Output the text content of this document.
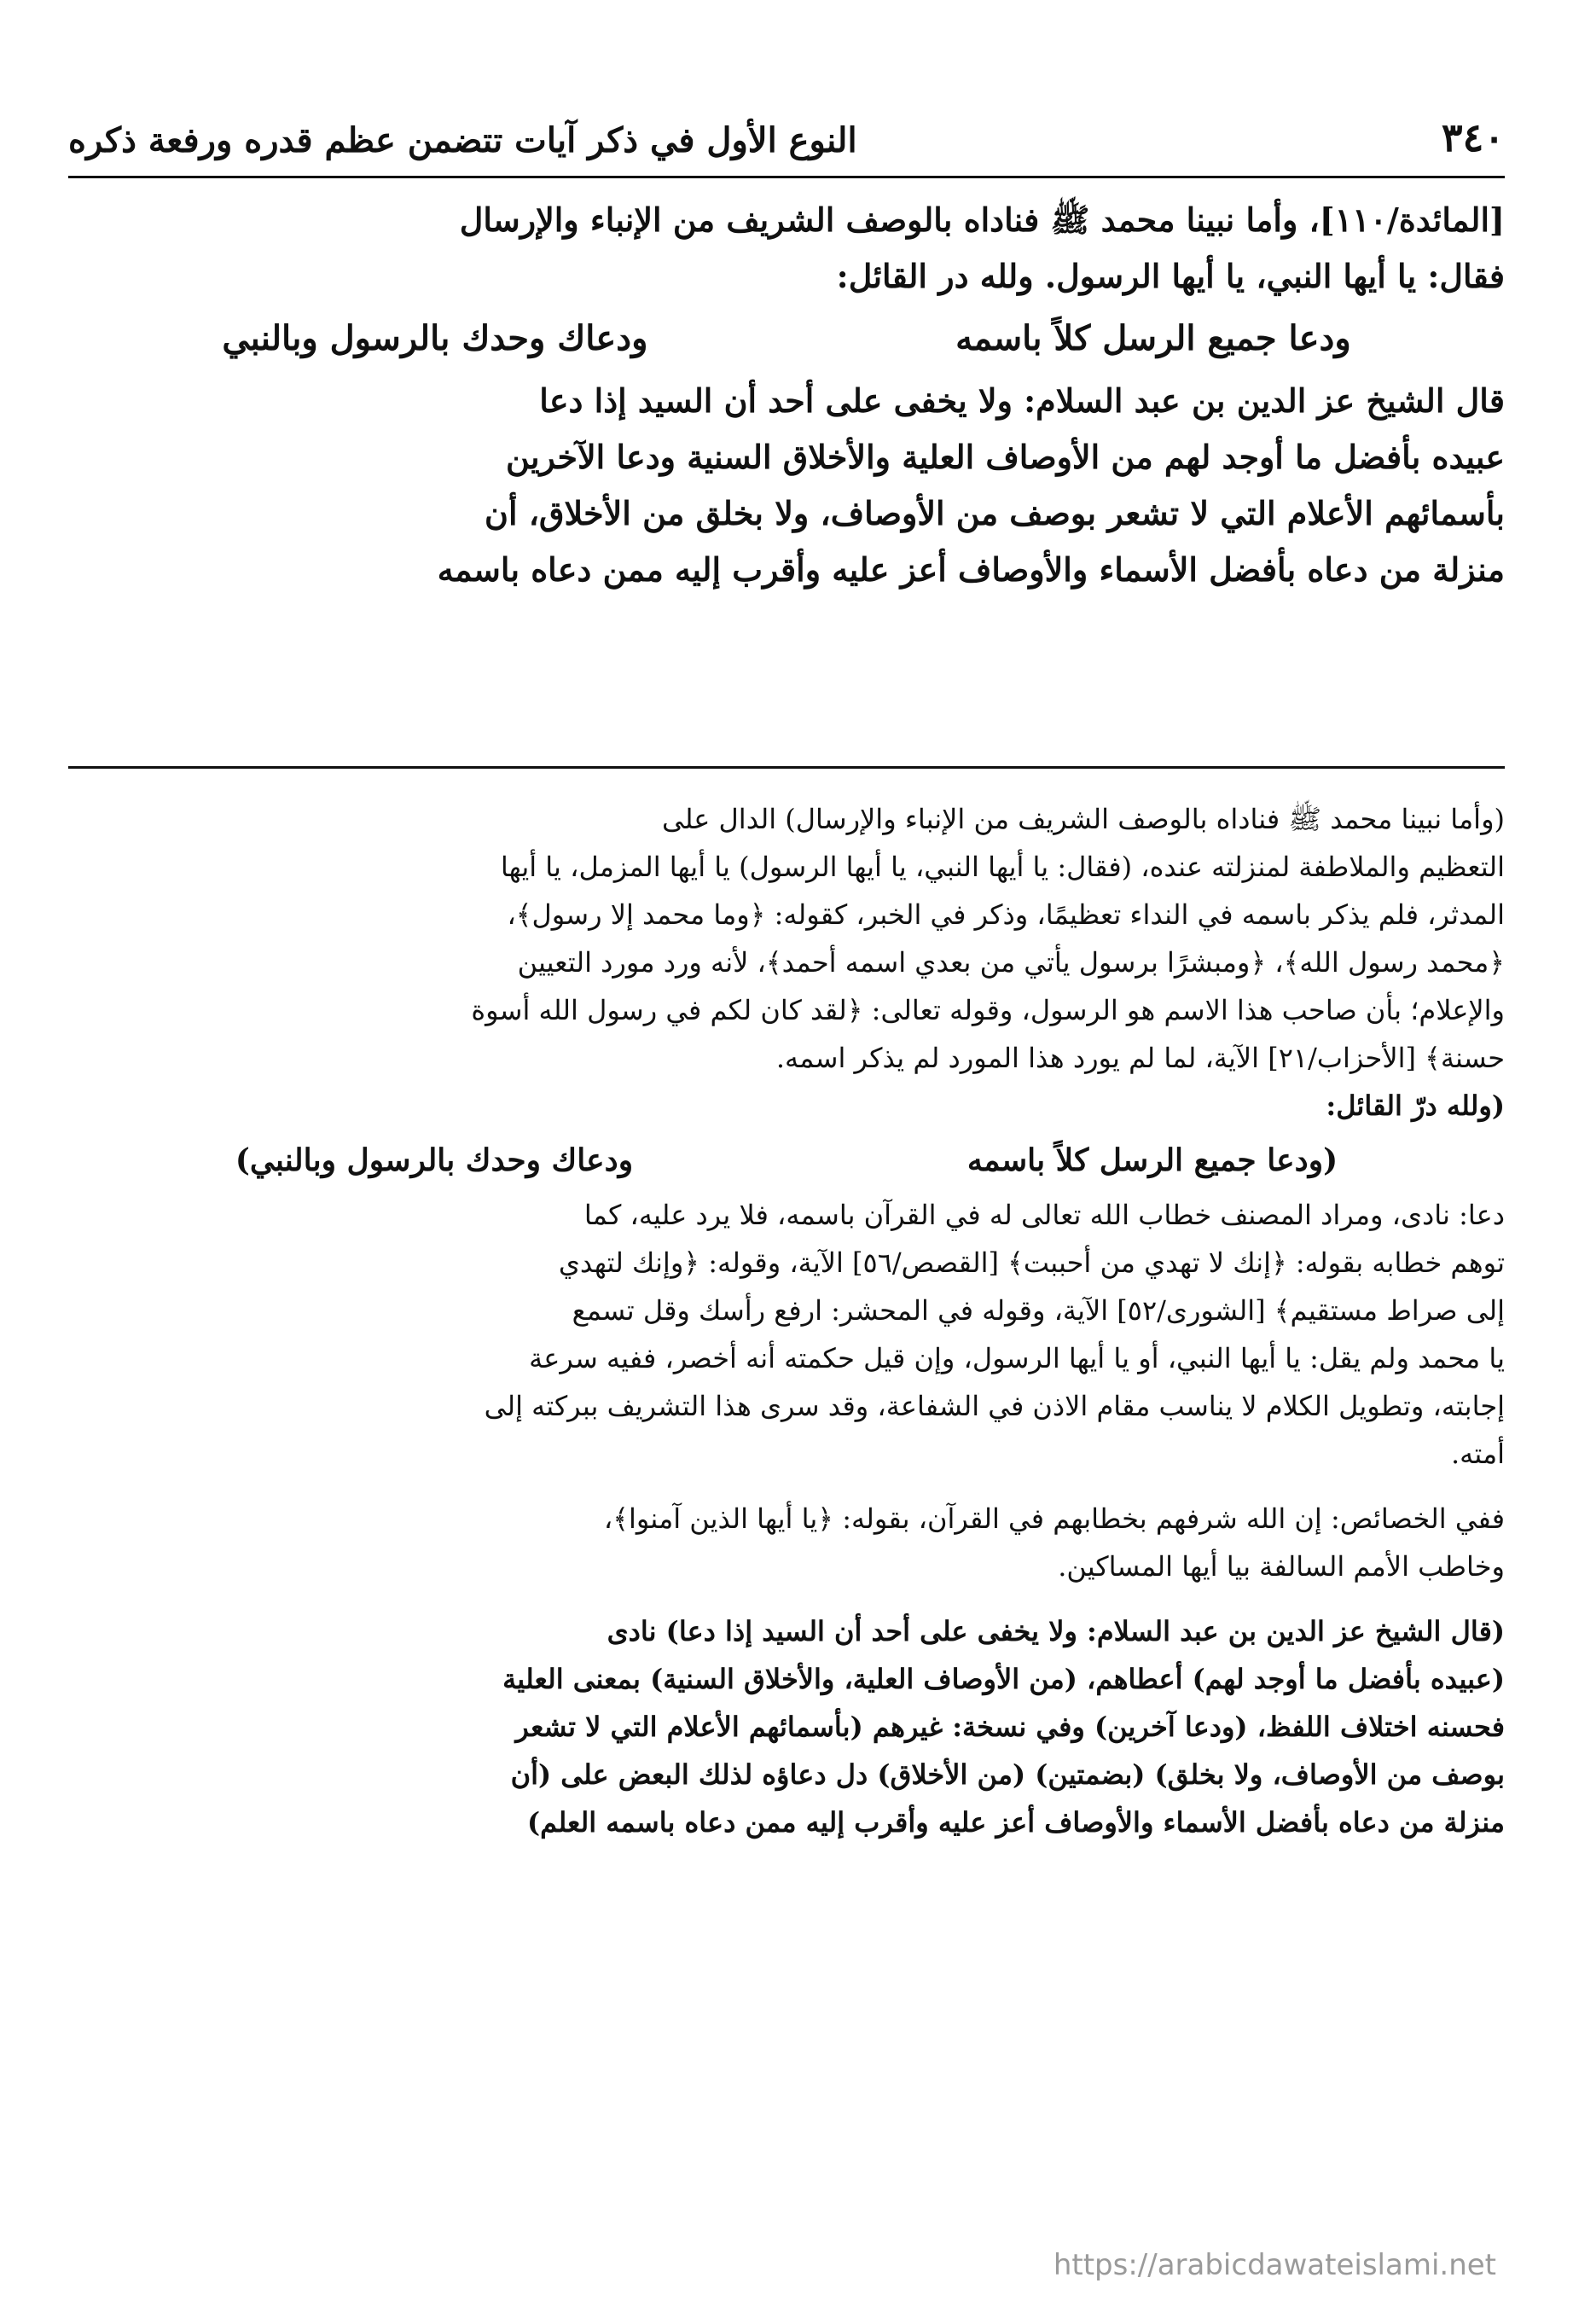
٣٤٠
النوع الأول في ذكر آيات تتضمن عظم قدره ورفعة ذكره

[المائدة/١١٠]، وأما نبينا محمد ﷺ فناداه بالوصف الشريف من الإنباء والإرسال

فقال: يا أيها النبي، يا أيها الرسول. ولله در القائل:

ودعا جميع الرسل كلاً باسمه
ودعاك وحدك بالرسول وبالنبي

قال الشيخ عز الدين بن عبد السلام: ولا يخفى على أحد أن السيد إذا دعا

عبيده بأفضل ما أوجد لهم من الأوصاف العلية والأخلاق السنية ودعا الآخرين

بأسمائهم الأعلام التي لا تشعر بوصف من الأوصاف، ولا بخلق من الأخلاق، أن

منزلة من دعاه بأفضل الأسماء والأوصاف أعز عليه وأقرب إليه ممن دعاه باسمه

(وأما نبينا محمد ﷺ فناداه بالوصف الشريف من الإنباء والإرسال) الدال على

التعظيم والملاطفة لمنزلته عنده، (فقال: يا أيها النبي، يا أيها الرسول) يا أيها المزمل، يا أيها

المدثر، فلم يذكر باسمه في النداء تعظيمًا، وذكر في الخبر، كقوله: ﴿وما محمد إلا رسول﴾،

﴿محمد رسول الله﴾، ﴿ومبشرًا برسول يأتي من بعدي اسمه أحمد﴾، لأنه ورد مورد التعيين

والإعلام؛ بأن صاحب هذا الاسم هو الرسول، وقوله تعالى: ﴿لقد كان لكم في رسول الله أسوة

حسنة﴾ [الأحزاب/٢١] الآية، لما لم يورد هذا المورد لم يذكر اسمه.

(ولله درّ القائل:

(ودعا جميع الرسل كلاً باسمه
ودعاك وحدك بالرسول وبالنبي)

دعا: نادى، ومراد المصنف خطاب الله تعالى له في القرآن باسمه، فلا يرد عليه، كما

توهم خطابه بقوله: ﴿إنك لا تهدي من أحببت﴾ [القصص/٥٦] الآية، وقوله: ﴿وإنك لتهدي

إلى صراط مستقيم﴾ [الشورى/٥٢] الآية، وقوله في المحشر: ارفع رأسك وقل تسمع

يا محمد ولم يقل: يا أيها النبي، أو يا أيها الرسول، وإن قيل حكمته أنه أخصر، ففيه سرعة

إجابته، وتطويل الكلام لا يناسب مقام الاذن في الشفاعة، وقد سرى هذا التشريف ببركته إلى

أمته.

ففي الخصائص: إن الله شرفهم بخطابهم في القرآن، بقوله: ﴿يا أيها الذين آمنوا﴾،

وخاطب الأمم السالفة بيا أيها المساكين.

(قال الشيخ عز الدين بن عبد السلام: ولا يخفى على أحد أن السيد إذا دعا) نادى

(عبيده بأفضل ما أوجد لهم) أعطاهم، (من الأوصاف العلية، والأخلاق السنية) بمعنى العلية

فحسنه اختلاف اللفظ، (ودعا آخرين) وفي نسخة: غيرهم (بأسمائهم الأعلام التي لا تشعر

بوصف من الأوصاف، ولا بخلق) (بضمتين) (من الأخلاق) دل دعاؤه لذلك البعض على (أن

منزلة من دعاه بأفضل الأسماء والأوصاف أعز عليه وأقرب إليه ممن دعاه باسمه العلم)

https://arabicdawateislami.net
